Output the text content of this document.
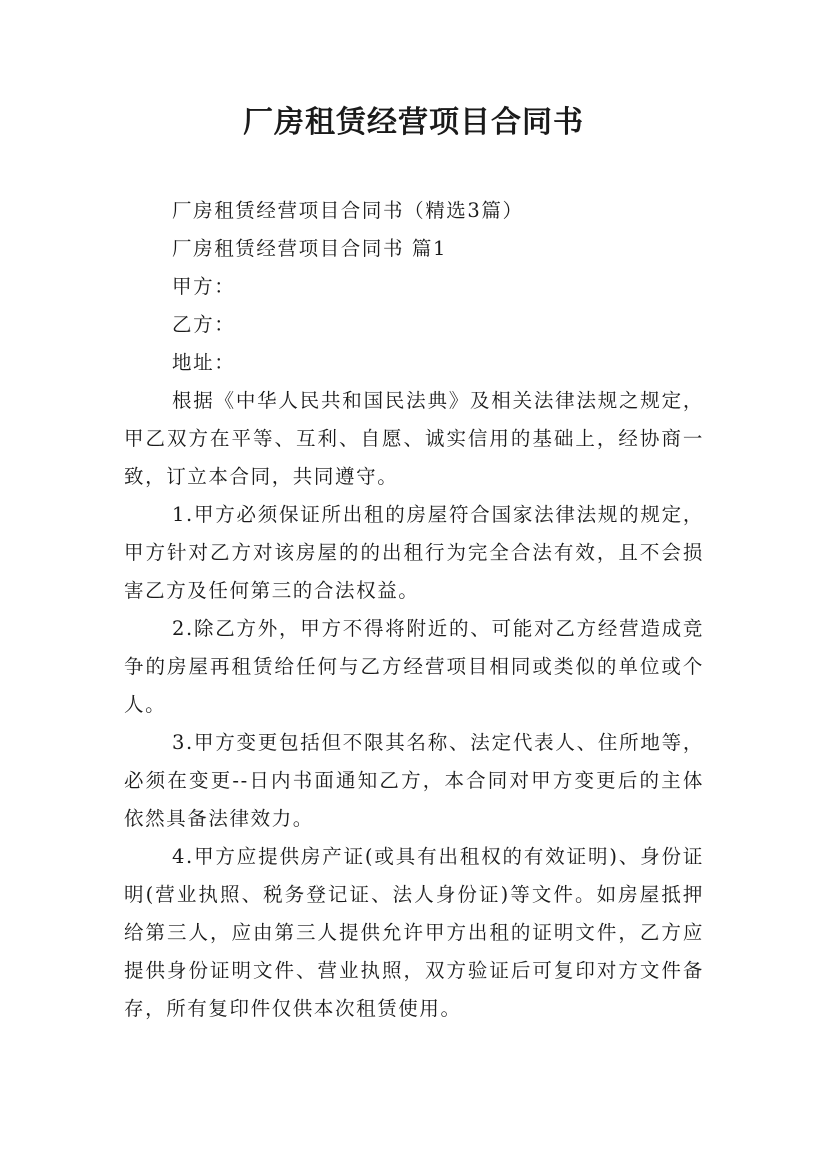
厂房租赁经营项目合同书

厂房租赁经营项目合同书（精选3篇）

厂房租赁经营项目合同书 篇1

甲方：

乙方：

地址：

根据《中华人民共和国民法典》及相关法律法规之规定，甲乙双方在平等、互利、自愿、诚实信用的基础上，经协商一致，订立本合同，共同遵守。

1.甲方必须保证所出租的房屋符合国家法律法规的规定，甲方针对乙方对该房屋的的出租行为完全合法有效，且不会损害乙方及任何第三的合法权益。

2.除乙方外，甲方不得将附近的、可能对乙方经营造成竞争的房屋再租赁给任何与乙方经营项目相同或类似的单位或个人。

3.甲方变更包括但不限其名称、法定代表人、住所地等，必须在变更--日内书面通知乙方，本合同对甲方变更后的主体依然具备法律效力。

4.甲方应提供房产证(或具有出租权的有效证明)、身份证明(营业执照、税务登记证、法人身份证)等文件。如房屋抵押给第三人，应由第三人提供允许甲方出租的证明文件，乙方应提供身份证明文件、营业执照，双方验证后可复印对方文件备存，所有复印件仅供本次租赁使用。
